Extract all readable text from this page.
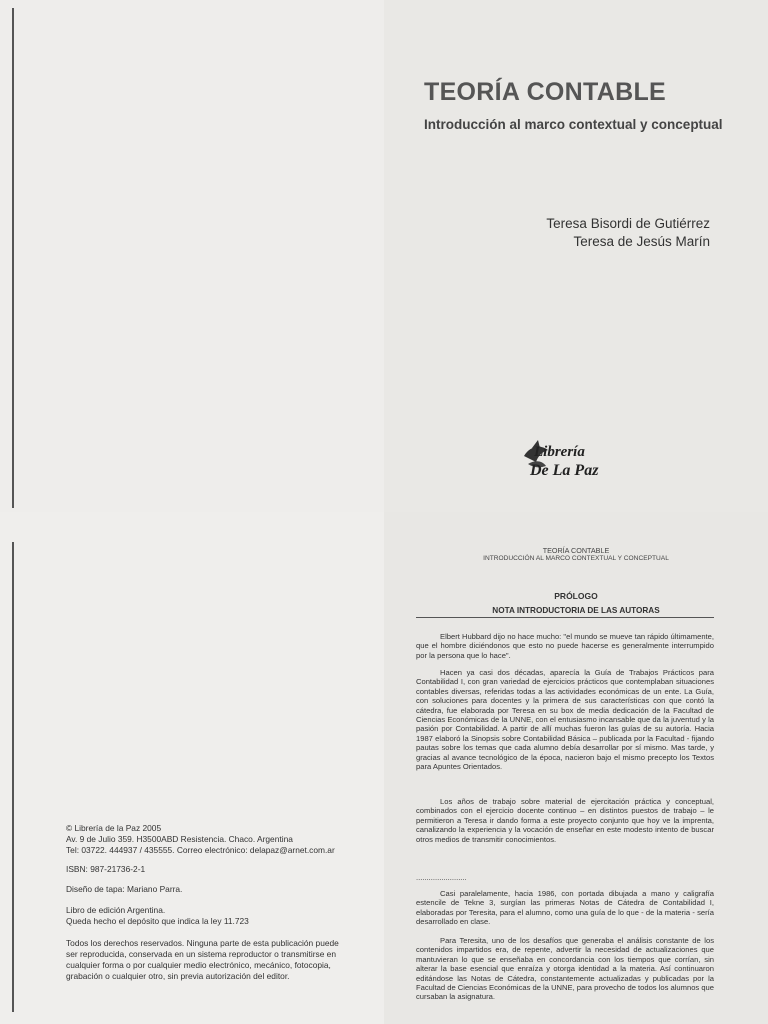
TEORÍA CONTABLE
Introducción al marco contextual y conceptual
Teresa Bisordi de Gutiérrez
Teresa de Jesús Marín
Librería
De La Paz
© Librería de la Paz 2005
Av. 9 de Julio 359. H3500ABD Resistencia. Chaco. Argentina
Tel: 03722. 444937 / 435555. Correo electrónico: delapaz@arnet.com.ar
ISBN: 987-21736-2-1
Diseño de tapa: Mariano Parra.
Libro de edición Argentina.
Queda hecho el depósito que indica la ley 11.723
Todos los derechos reservados. Ninguna parte de esta publicación puede
ser reproducida, conservada en un sistema reproductor o transmitirse en
cualquier forma o por cualquier medio electrónico, mecánico, fotocopia,
grabación o cualquier otro, sin previa autorización del editor.
TEORÍA CONTABLE
INTRODUCCIÓN AL MARCO CONTEXTUAL Y CONCEPTUAL
PRÓLOGO
NOTA INTRODUCTORIA DE LAS AUTORAS
Elbert Hubbard dijo no hace mucho: "el mundo se mueve tan rápido últimamente, que el hombre diciéndonos que esto no puede hacerse es generalmente interrumpido por la persona que lo hace".
Hacen ya casi dos décadas, aparecía la Guía de Trabajos Prácticos para Contabilidad I, con gran variedad de ejercicios prácticos que contemplaban situaciones contables diversas, referidas todas a las actividades económicas de un ente. La Guía, con soluciones para docentes y la primera de sus características con que contó la cátedra, fue elaborada por Teresa en su box de media dedicación de la Facultad de Ciencias Económicas de la UNNE, con el entusiasmo incansable que da la juventud y la pasión por Contabilidad. A partir de allí muchas fueron las guías de su autoría. Hacia 1987 elaboró la Sinopsis sobre Contabilidad Básica – publicada por la Facultad - fijando pautas sobre los temas que cada alumno debía desarrollar por sí mismo. Mas tarde, y gracias al avance tecnológico de la época, nacieron bajo el mismo precepto los Textos para Apuntes Orientados.
Los años de trabajo sobre material de ejercitación práctica y conceptual, combinados con el ejercicio docente continuo – en distintos puestos de trabajo – le permitieron a Teresa ir dando forma a este proyecto conjunto que hoy ve la imprenta, canalizando la experiencia y la vocación de enseñar en este modesto intento de buscar otros medios de transmitir conocimientos.
........................
Casi paralelamente, hacia 1986, con portada dibujada a mano y caligrafía estencile de Tekne 3, surgían las primeras Notas de Cátedra de Contabilidad I, elaboradas por Teresita, para el alumno, como una guía de lo que - de la materia - sería desarrollado en clase.
Para Teresita, uno de los desafíos que generaba el análisis constante de los contenidos impartidos era, de repente, advertir la necesidad de actualizaciones que mantuvieran lo que se enseñaba en concordancia con los tiempos que corrían, sin alterar la base esencial que enraíza y otorga identidad a la materia. Así continuaron editándose las Notas de Cátedra, constantemente actualizadas y publicadas por la Facultad de Ciencias Económicas de la UNNE, para provecho de todos los alumnos que cursaban la asignatura.
